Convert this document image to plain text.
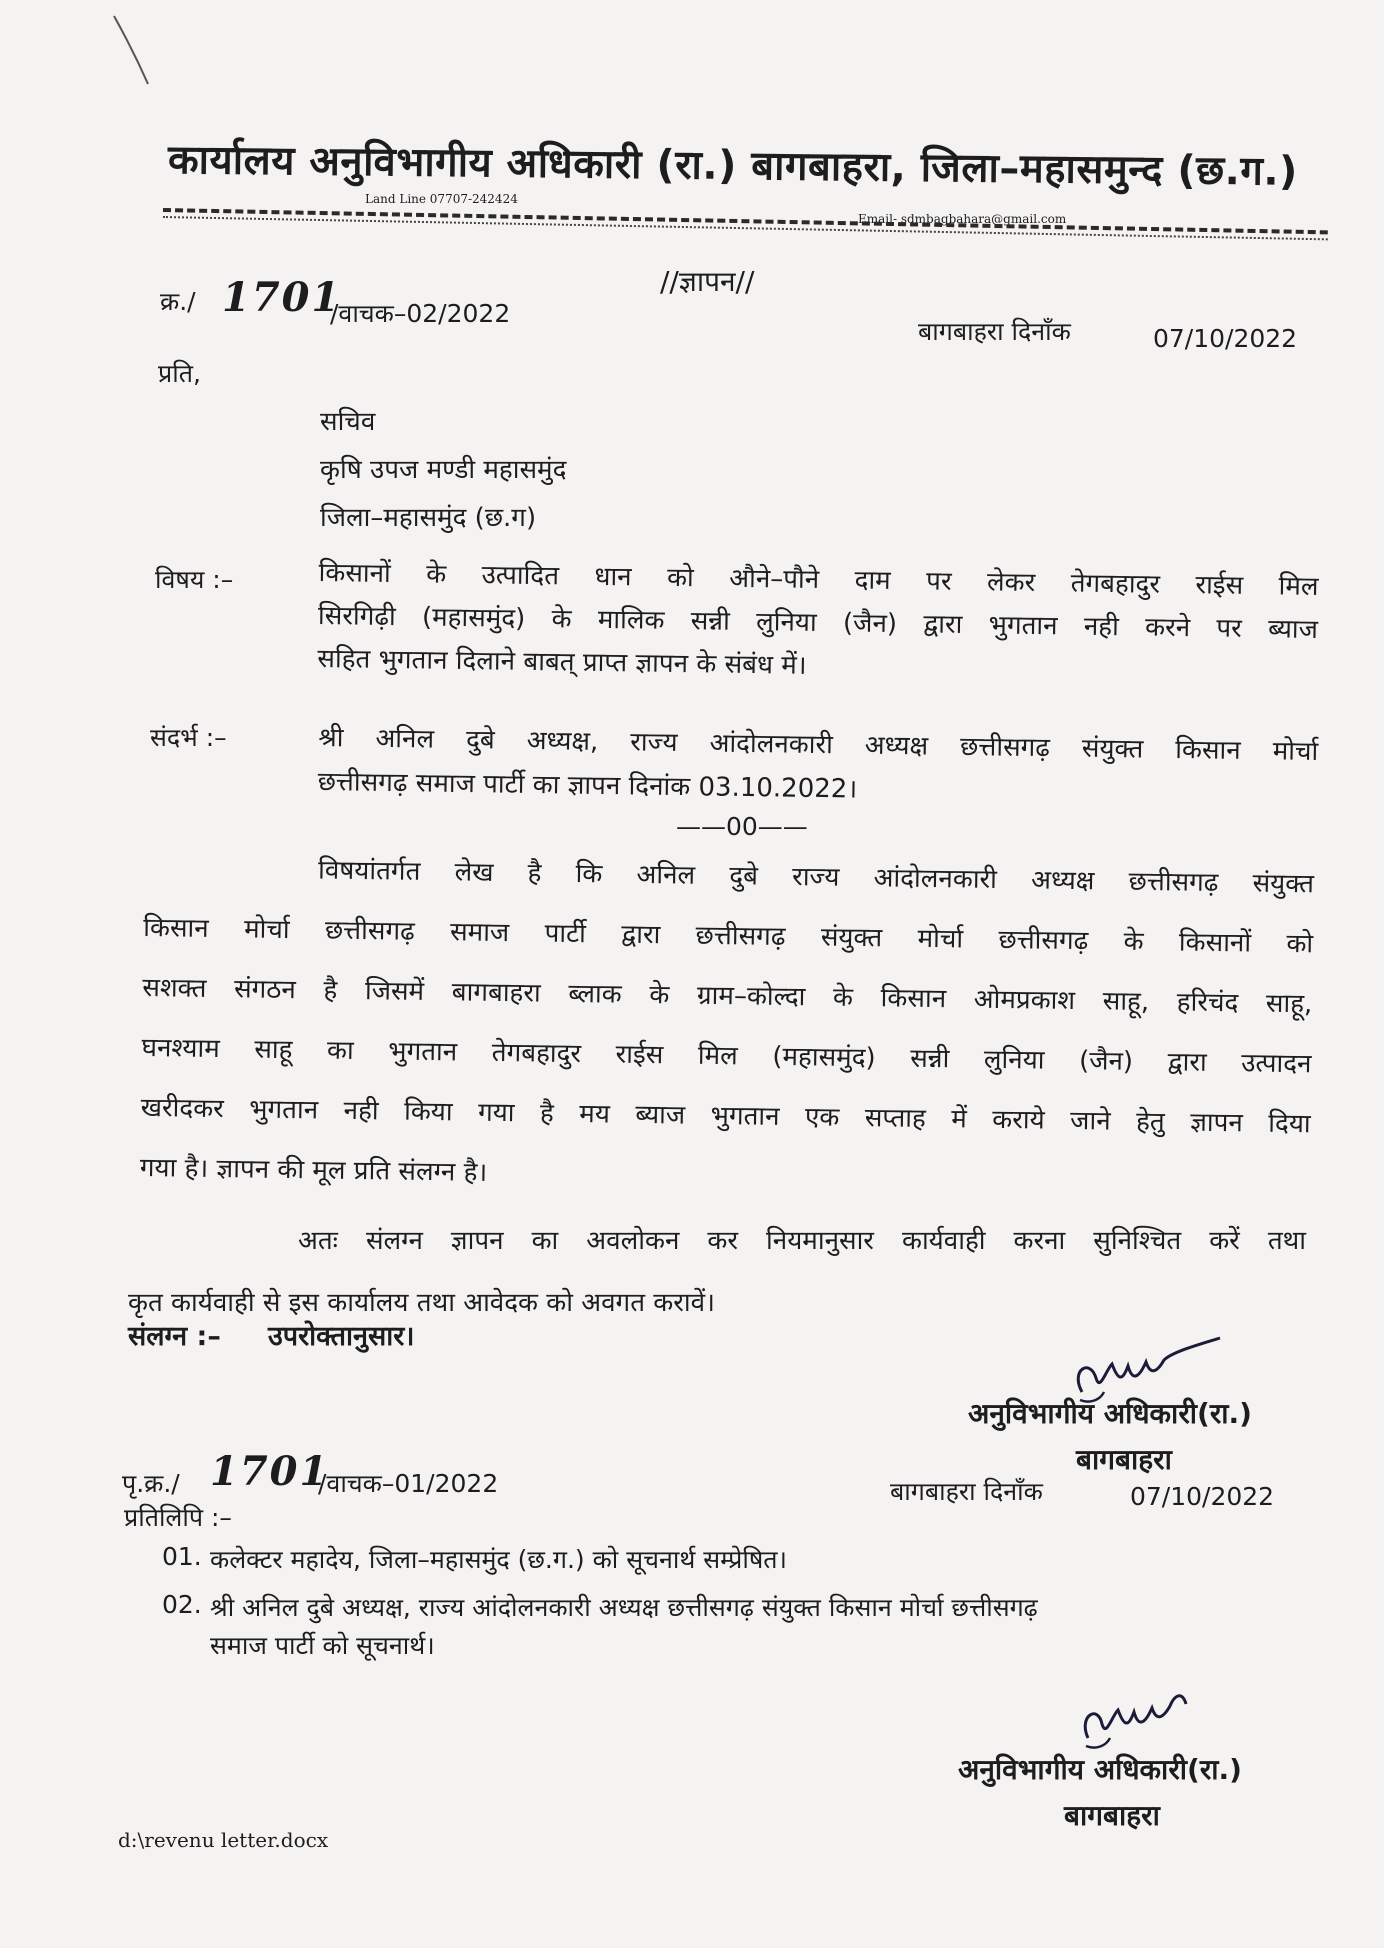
कार्यालय अनुविभागीय अधिकारी (रा.) बागबाहरा, जिला–महासमुन्द (छ.ग.)
Land Line 07707-242424
Email- sdmbagbahara@gmail.com
//ज्ञापन//
क्र./ 1701
/वाचक–02/2022
बागबाहरा दिनाँक	07/10/2022
प्रति,
सचिव
कृषि उपज मण्डी महासमुंद
जिला–महासमुंद (छ.ग)
विषय :–	किसानों के उत्पादित धान को औने–पौने दाम पर लेकर तेगबहादुर राईस मिल
सिरगिढ़ी (महासमुंद) के मालिक सन्नी लुनिया (जैन) द्वारा भुगतान नही करने पर ब्याज
सहित भुगतान दिलाने बाबत् प्राप्त ज्ञापन के संबंध में।
संदर्भ :–	श्री अनिल दुबे अध्यक्ष, राज्य आंदोलनकारी अध्यक्ष छत्तीसगढ़ संयुक्त किसान मोर्चा
छत्तीसगढ़ समाज पार्टी का ज्ञापन दिनांक 03.10.2022।
——00——
विषयांतर्गत लेख है कि अनिल दुबे राज्य आंदोलनकारी अध्यक्ष छत्तीसगढ़ संयुक्त
किसान मोर्चा छत्तीसगढ़ समाज पार्टी द्वारा छत्तीसगढ़ संयुक्त मोर्चा छत्तीसगढ़ के किसानों को
सशक्त संगठन है जिसमें बागबाहरा ब्लाक के ग्राम–कोल्दा के किसान ओमप्रकाश साहू, हरिचंद साहू,
घनश्याम साहू का भुगतान तेगबहादुर राईस मिल (महासमुंद) सन्नी लुनिया (जैन) द्वारा उत्पादन
खरीदकर भुगतान नही किया गया है मय ब्याज भुगतान एक सप्ताह में कराये जाने हेतु ज्ञापन दिया
गया है। ज्ञापन की मूल प्रति संलग्न है।
अतः संलग्न ज्ञापन का अवलोकन कर नियमानुसार कार्यवाही करना सुनिश्चित करें तथा
कृत कार्यवाही से इस कार्यालय तथा आवेदक को अवगत करावें।
संलग्न :– उपरोक्तानुसार।
अनुविभागीय अधिकारी(रा.)
बागबाहरा
पृ.क्र./ 1701
/वाचक–01/2022	बागबाहरा दिनाँक	07/10/2022
प्रतिलिपि :–
01. कलेक्टर महादेय, जिला–महासमुंद (छ.ग.) को सूचनार्थ सम्प्रेषित।
02. श्री अनिल दुबे अध्यक्ष, राज्य आंदोलनकारी अध्यक्ष छत्तीसगढ़ संयुक्त किसान मोर्चा छत्तीसगढ़
समाज पार्टी को सूचनार्थ।
अनुविभागीय अधिकारी(रा.)
बागबाहरा
d:\revenu letter.docx
